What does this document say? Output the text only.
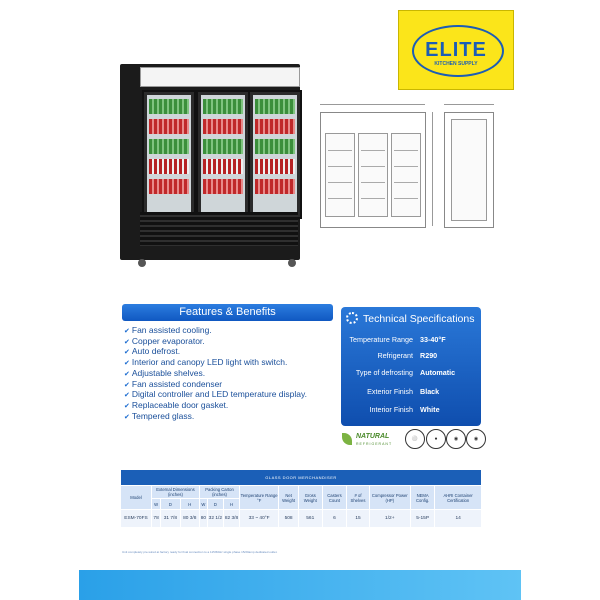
ELITE
KITCHEN SUPPLY
Features & Benefits
✔ Fan assisted cooling.
✔ Copper evaporator.
✔ Auto defrost.
✔ Interior and canopy LED light with switch.
✔ Adjustable shelves.
✔ Fan assisted condenser
✔ Digital controller and LED temperature display.
✔ Replaceable door gasket.
✔ Tempered glass.
Technical Specifications
Temperature Range 33-40°F
Refrigerant R290
Type of defrosting Automatic
Exterior Finish Black
Interior Finish White
NATURAL
REFRIGERANT
⚪	●	◉	◉
GLASS DOOR MERCHANDISER														
Model	External Dimensions (inches)			Packing Carton (inches)			Temperature Range °F	Net Weight	Gross Weight	Casters Count	# of Shelves	Compressor Power (HP)	NEMA Config.	AHRI Container Certification
	W	D	H	W	D	H								
ESM-70FS	78	31 7/8	80 3/8	80	32 1/2	82 3/8	33 ~ 40°F	508	561	6	15	1/2+	5-15P	14
Unit completely pre-wired at factory ready for final connection to a 115/60Hz single phase 15/20amp dedicated outlet.
